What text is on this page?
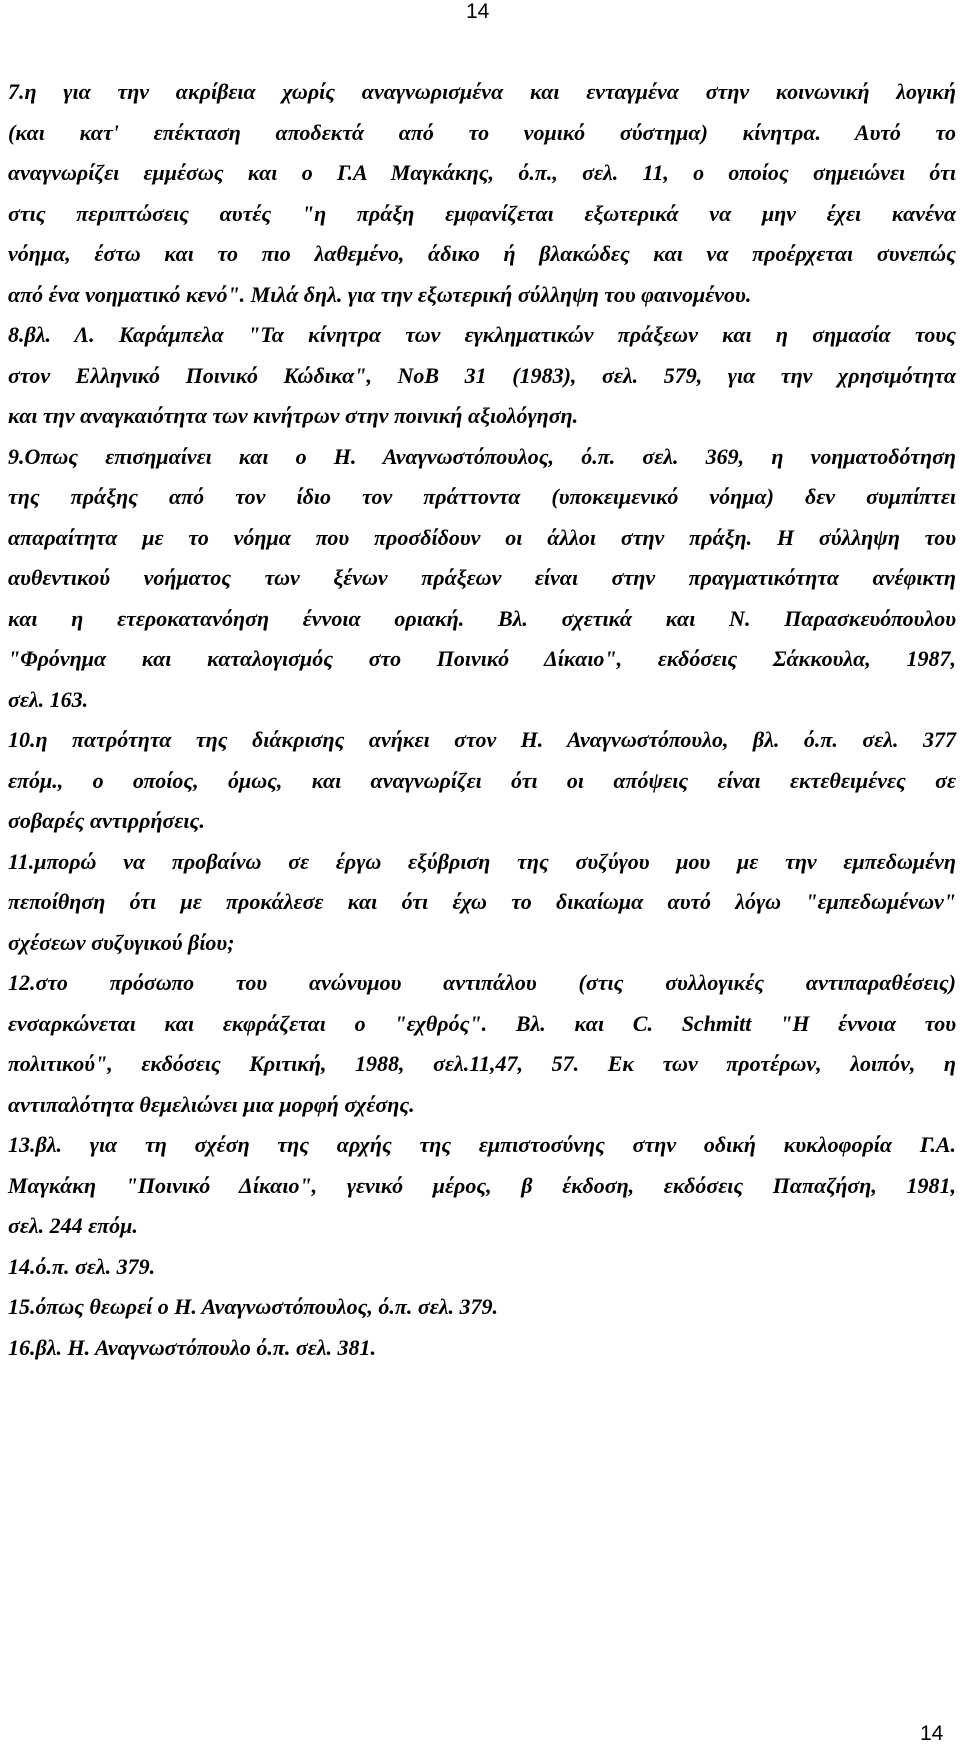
14
7.η για την ακρίβεια χωρίς αναγνωρισμένα και ενταγμένα στην κοινωνική λογική
(και κατ' επέκταση αποδεκτά από το νομικό σύστημα) κίνητρα. Αυτό το
αναγνωρίζει εμμέσως και ο Γ.Α Μαγκάκης, ό.π., σελ. 11, ο οποίος σημειώνει ότι
στις περιπτώσεις αυτές "η πράξη εμφανίζεται εξωτερικά να μην έχει κανένα
νόημα, έστω και το πιο λαθεμένο, άδικο ή βλακώδες και να προέρχεται συνεπώς
από ένα νοηματικό κενό". Μιλά δηλ. για την εξωτερική σύλληψη του φαινομένου.
8.βλ. Λ. Καράμπελα "Τα κίνητρα των εγκληματικών πράξεων και η σημασία τους
στον Ελληνικό Ποινικό Κώδικα", ΝοΒ 31 (1983), σελ. 579, για την χρησιμότητα
και την αναγκαιότητα των κινήτρων στην ποινική αξιολόγηση.
9.Οπως επισημαίνει και ο Η. Αναγνωστόπουλος, ό.π. σελ. 369, η νοηματοδότηση
της πράξης από τον ίδιο τον πράττοντα (υποκειμενικό νόημα) δεν συμπίπτει
απαραίτητα με το νόημα που προσδίδουν οι άλλοι στην πράξη. Η σύλληψη του
αυθεντικού νοήματος των ξένων πράξεων είναι στην πραγματικότητα ανέφικτη
και η ετεροκατανόηση έννοια οριακή. Βλ. σχετικά και Ν. Παρασκευόπουλου
"Φρόνημα και καταλογισμός στο Ποινικό Δίκαιο", εκδόσεις Σάκκουλα, 1987,
σελ. 163.
10.η πατρότητα της διάκρισης ανήκει στον Η. Αναγνωστόπουλο, βλ. ό.π. σελ. 377
επόμ., ο οποίος, όμως, και αναγνωρίζει ότι οι απόψεις είναι εκτεθειμένες σε
σοβαρές αντιρρήσεις.
11.μπορώ να προβαίνω σε έργω εξύβριση της συζύγου μου με την εμπεδωμένη
πεποίθηση ότι με προκάλεσε και ότι έχω το δικαίωμα αυτό λόγω "εμπεδωμένων"
σχέσεων συζυγικού βίου;
12.στο πρόσωπο του ανώνυμου αντιπάλου (στις συλλογικές αντιπαραθέσεις)
ενσαρκώνεται και εκφράζεται ο "εχθρός". Βλ. και C. Schmitt "Η έννοια του
πολιτικού", εκδόσεις Κριτική, 1988, σελ.11,47, 57. Εκ των προτέρων, λοιπόν, η
αντιπαλότητα θεμελιώνει μια μορφή σχέσης.
13.βλ. για τη σχέση της αρχής της εμπιστοσύνης στην οδική κυκλοφορία Γ.Α.
Μαγκάκη "Ποινικό Δίκαιο", γενικό μέρος, β έκδοση, εκδόσεις Παπαζήση, 1981,
σελ. 244 επόμ.
14.ό.π. σελ. 379.
15.όπως θεωρεί ο Η. Αναγνωστόπουλος, ό.π. σελ. 379.
16.βλ. Η. Αναγνωστόπουλο ό.π. σελ. 381.
14
